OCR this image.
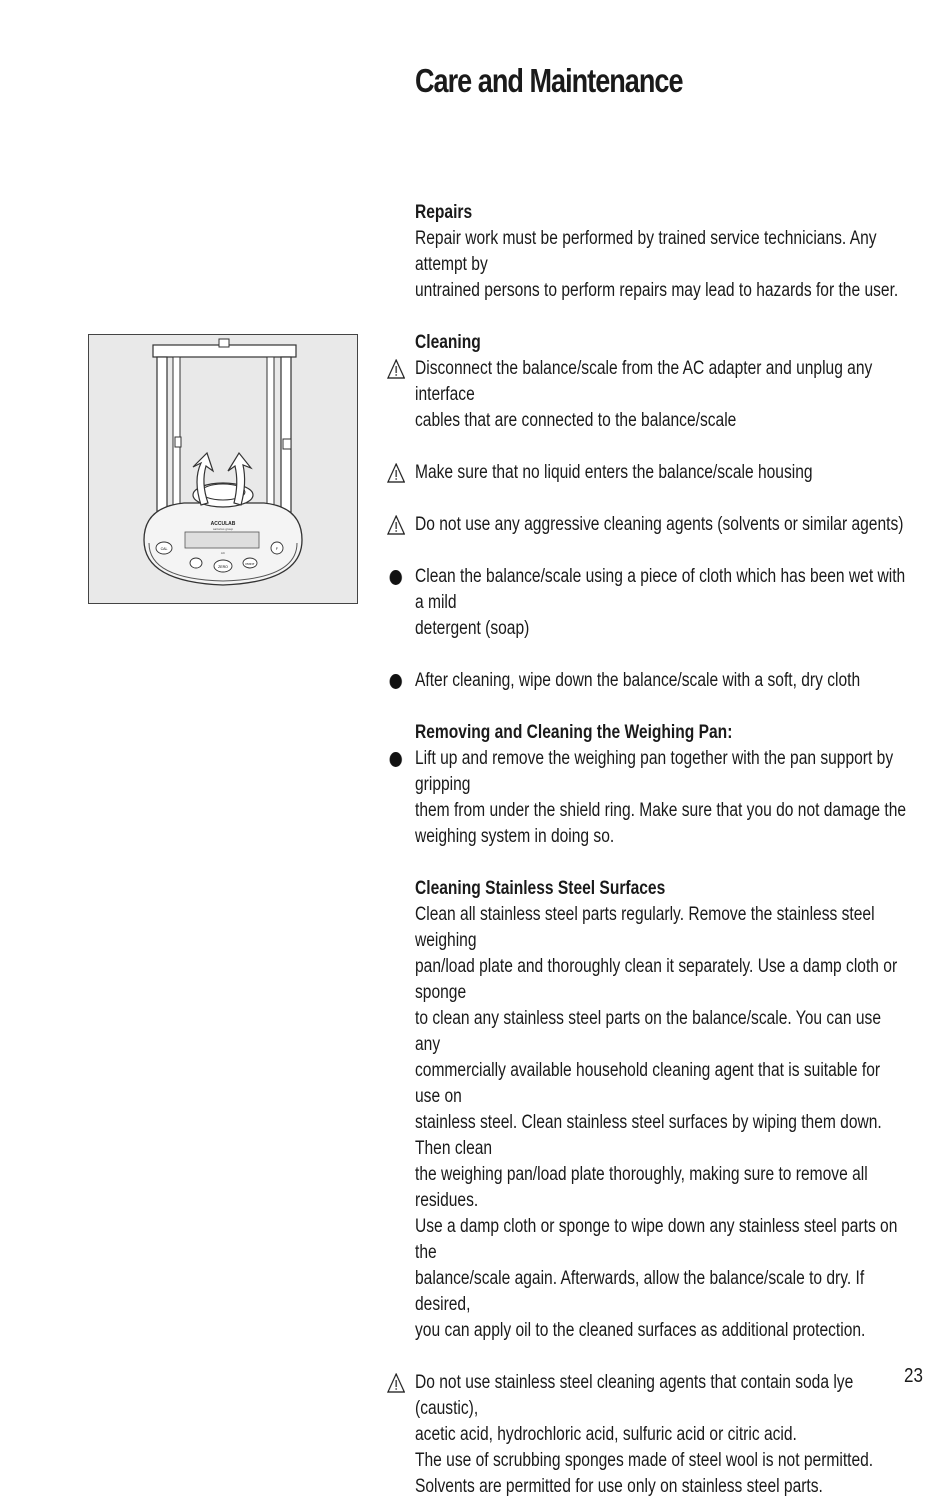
Care and Maintenance
ACCULAB
sartorius group
AC
CAL	F
ZERO
PRINT

Repairs

Repair work must be performed by trained service technicians. Any attempt by

untrained persons to perform repairs may lead to hazards for the user.

Cleaning

Disconnect the balance/scale from the AC adapter and unplug any interface

cables that are connected to the balance/scale

Make sure that no liquid enters the balance/scale housing

Do not use any aggressive cleaning agents (solvents or similar agents)

Clean the balance/scale using a piece of cloth which has been wet with a mild

detergent (soap)

After cleaning, wipe down the balance/scale with a soft, dry cloth

Removing and Cleaning the Weighing Pan:

Lift up and remove the weighing pan together with the pan support by gripping

them from under the shield ring. Make sure that you do not damage the

weighing system in doing so.

Cleaning Stainless Steel Surfaces

Clean all stainless steel parts regularly. Remove the stainless steel weighing

pan/load plate and thoroughly clean it separately. Use a damp cloth or sponge

to clean any stainless steel parts on the balance/scale. You can use any

commercially available household cleaning agent that is suitable for use on

stainless steel. Clean stainless steel surfaces by wiping them down. Then clean

the weighing pan/load plate thoroughly, making sure to remove all residues.

Use a damp cloth or sponge to wipe down any stainless steel parts on the

balance/scale again. Afterwards, allow the balance/scale to dry. If desired,

you can apply oil to the cleaned surfaces as additional protection.

Do not use stainless steel cleaning agents that contain soda lye (caustic),

acetic acid, hydrochloric acid, sulfuric acid or citric acid.

The use of scrubbing sponges made of steel wool is not permitted.

Solvents are permitted for use only on stainless steel parts.

23
